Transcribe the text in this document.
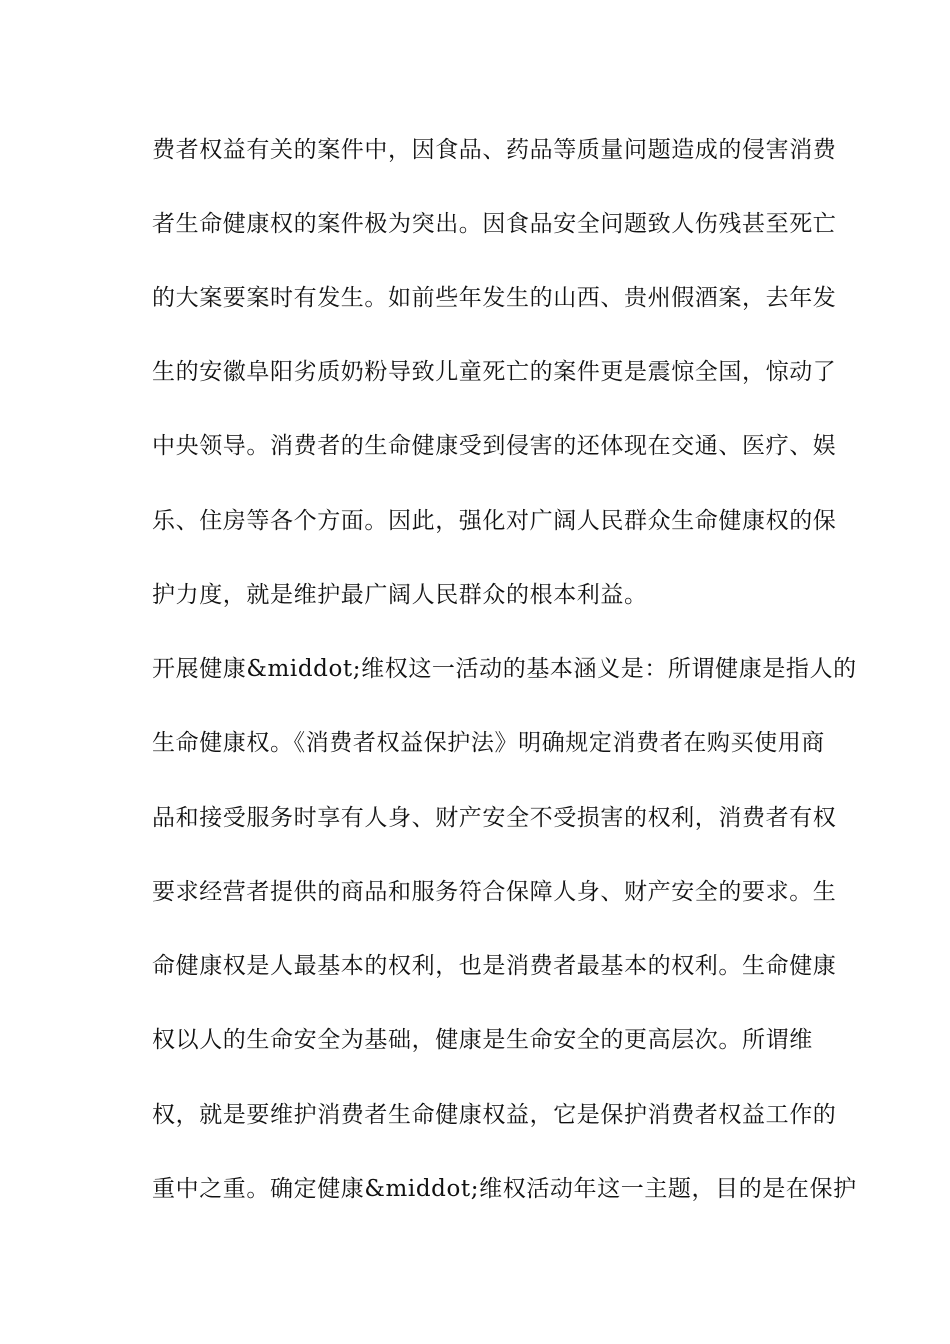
费者权益有关的案件中，因食品、药品等质量问题造成的侵害消费
者生命健康权的案件极为突出。因食品安全问题致人伤残甚至死亡
的大案要案时有发生。如前些年发生的山西、贵州假酒案，去年发
生的安徽阜阳劣质奶粉导致儿童死亡的案件更是震惊全国，惊动了
中央领导。消费者的生命健康受到侵害的还体现在交通、医疗、娱
乐、住房等各个方面。因此，强化对广阔人民群众生命健康权的保
护力度，就是维护最广阔人民群众的根本利益。
开展健康&middot;维权这一活动的基本涵义是：所谓健康是指人的
生命健康权。《消费者权益保护法》明确规定消费者在购买使用商
品和接受服务时享有人身、财产安全不受损害的权利，消费者有权
要求经营者提供的商品和服务符合保障人身、财产安全的要求。生
命健康权是人最基本的权利，也是消费者最基本的权利。生命健康
权以人的生命安全为基础，健康是生命安全的更高层次。所谓维
权，就是要维护消费者生命健康权益，它是保护消费者权益工作的
重中之重。确定健康&middot;维权活动年这一主题，目的是在保护
